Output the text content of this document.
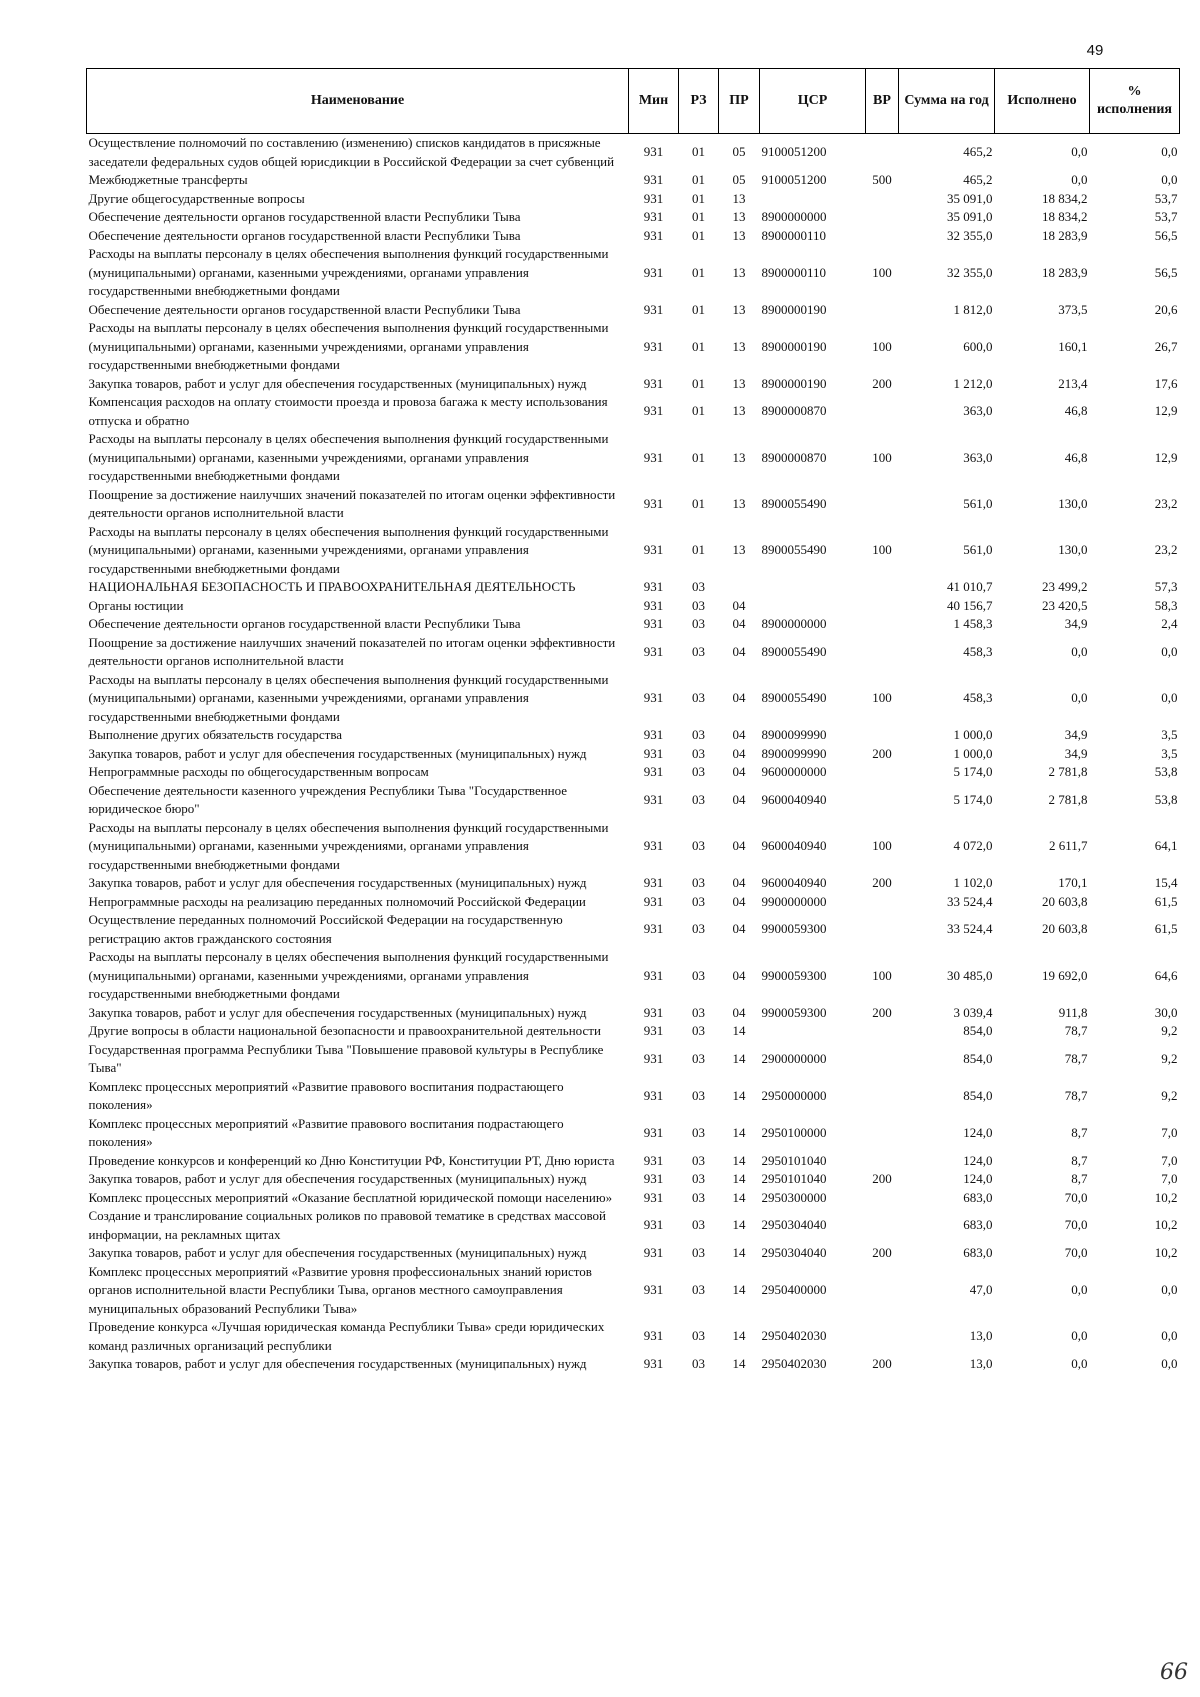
49
Наименование	Мин	РЗ	ПР	ЦСР	ВР	Сумма на год	Исполнено	% исполнения
Осуществление полномочий по составлению (изменению) списков кандидатов в присяжные заседатели федеральных судов общей юрисдикции в Российской Федерации за счет субвенций	931	01	05	9100051200		465,2	0,0	0,0
Межбюджетные трансферты	931	01	05	9100051200	500	465,2	0,0	0,0
Другие общегосударственные вопросы	931	01	13			35 091,0	18 834,2	53,7
Обеспечение деятельности органов государственной власти Республики Тыва	931	01	13	8900000000		35 091,0	18 834,2	53,7
Обеспечение деятельности органов государственной власти Республики Тыва	931	01	13	8900000110		32 355,0	18 283,9	56,5
Расходы на выплаты персоналу в целях обеспечения выполнения функций государственными (муниципальными) органами, казенными учреждениями, органами управления государственными внебюджетными фондами	931	01	13	8900000110	100	32 355,0	18 283,9	56,5
Обеспечение деятельности органов государственной власти Республики Тыва	931	01	13	8900000190		1 812,0	373,5	20,6
Расходы на выплаты персоналу в целях обеспечения выполнения функций государственными (муниципальными) органами, казенными учреждениями, органами управления государственными внебюджетными фондами	931	01	13	8900000190	100	600,0	160,1	26,7
Закупка товаров, работ и услуг для обеспечения государственных (муниципальных) нужд	931	01	13	8900000190	200	1 212,0	213,4	17,6
Компенсация расходов на оплату стоимости проезда и провоза багажа к месту использования отпуска и обратно	931	01	13	8900000870		363,0	46,8	12,9
Расходы на выплаты персоналу в целях обеспечения выполнения функций государственными (муниципальными) органами, казенными учреждениями, органами управления государственными внебюджетными фондами	931	01	13	8900000870	100	363,0	46,8	12,9
Поощрение за достижение наилучших значений показателей по итогам оценки эффективности деятельности органов исполнительной власти	931	01	13	8900055490		561,0	130,0	23,2
Расходы на выплаты персоналу в целях обеспечения выполнения функций государственными (муниципальными) органами, казенными учреждениями, органами управления государственными внебюджетными фондами	931	01	13	8900055490	100	561,0	130,0	23,2
НАЦИОНАЛЬНАЯ БЕЗОПАСНОСТЬ И ПРАВООХРАНИТЕЛЬНАЯ ДЕЯТЕЛЬНОСТЬ	931	03				41 010,7	23 499,2	57,3
Органы юстиции	931	03	04			40 156,7	23 420,5	58,3
Обеспечение деятельности органов государственной власти Республики Тыва	931	03	04	8900000000		1 458,3	34,9	2,4
Поощрение за достижение наилучших значений показателей по итогам оценки эффективности деятельности органов исполнительной власти	931	03	04	8900055490		458,3	0,0	0,0
Расходы на выплаты персоналу в целях обеспечения выполнения функций государственными (муниципальными) органами, казенными учреждениями, органами управления государственными внебюджетными фондами	931	03	04	8900055490	100	458,3	0,0	0,0
Выполнение других обязательств государства	931	03	04	8900099990		1 000,0	34,9	3,5
Закупка товаров, работ и услуг для обеспечения государственных (муниципальных) нужд	931	03	04	8900099990	200	1 000,0	34,9	3,5
Непрограммные расходы по общегосударственным вопросам	931	03	04	9600000000		5 174,0	2 781,8	53,8
Обеспечение деятельности казенного учреждения Республики Тыва "Государственное юридическое бюро"	931	03	04	9600040940		5 174,0	2 781,8	53,8
Расходы на выплаты персоналу в целях обеспечения выполнения функций государственными (муниципальными) органами, казенными учреждениями, органами управления государственными внебюджетными фондами	931	03	04	9600040940	100	4 072,0	2 611,7	64,1
Закупка товаров, работ и услуг для обеспечения государственных (муниципальных) нужд	931	03	04	9600040940	200	1 102,0	170,1	15,4
Непрограммные расходы на реализацию переданных полномочий Российской Федерации	931	03	04	9900000000		33 524,4	20 603,8	61,5
Осуществление переданных полномочий Российской Федерации на государственную регистрацию актов гражданского состояния	931	03	04	9900059300		33 524,4	20 603,8	61,5
Расходы на выплаты персоналу в целях обеспечения выполнения функций государственными (муниципальными) органами, казенными учреждениями, органами управления государственными внебюджетными фондами	931	03	04	9900059300	100	30 485,0	19 692,0	64,6
Закупка товаров, работ и услуг для обеспечения государственных (муниципальных) нужд	931	03	04	9900059300	200	3 039,4	911,8	30,0
Другие вопросы в области национальной безопасности и правоохранительной деятельности	931	03	14			854,0	78,7	9,2
Государственная программа Республики Тыва "Повышение правовой культуры в Республике Тыва"	931	03	14	2900000000		854,0	78,7	9,2
Комплекс процессных мероприятий «Развитие правового воспитания подрастающего поколения»	931	03	14	2950000000		854,0	78,7	9,2
Комплекс процессных мероприятий «Развитие правового воспитания подрастающего поколения»	931	03	14	2950100000		124,0	8,7	7,0
Проведение конкурсов и конференций ко Дню Конституции РФ, Конституции РТ, Дню юриста	931	03	14	2950101040		124,0	8,7	7,0
Закупка товаров, работ и услуг для обеспечения государственных (муниципальных) нужд	931	03	14	2950101040	200	124,0	8,7	7,0
Комплекс процессных мероприятий «Оказание бесплатной юридической помощи населению»	931	03	14	2950300000		683,0	70,0	10,2
Создание и транслирование социальных роликов по правовой тематике в средствах массовой информации, на рекламных щитах	931	03	14	2950304040		683,0	70,0	10,2
Закупка товаров, работ и услуг для обеспечения государственных (муниципальных) нужд	931	03	14	2950304040	200	683,0	70,0	10,2
Комплекс процессных мероприятий «Развитие уровня профессиональных знаний юристов органов исполнительной власти Республики Тыва, органов местного самоуправления муниципальных образований Республики Тыва»	931	03	14	2950400000		47,0	0,0	0,0
Проведение конкурса «Лучшая юридическая команда Республики Тыва» среди юридических команд различных организаций республики	931	03	14	2950402030		13,0	0,0	0,0
Закупка товаров, работ и услуг для обеспечения государственных (муниципальных) нужд	931	03	14	2950402030	200	13,0	0,0	0,0
66
